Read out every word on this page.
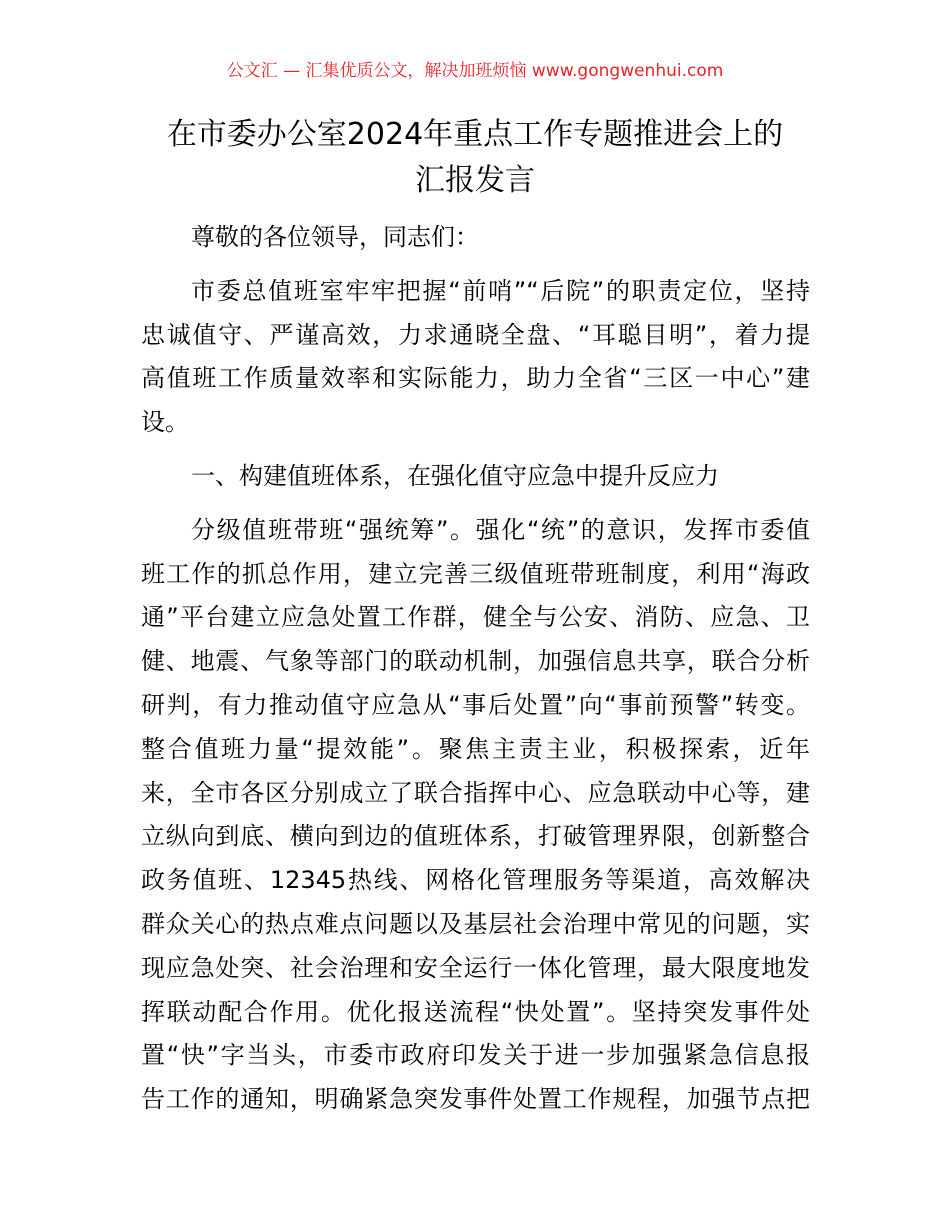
公文汇 — 汇集优质公文，解决加班烦恼 www.gongwenhui.com
在市委办公室2024年重点工作专题推进会上的
汇报发言
尊敬的各位领导，同志们：
市委总值班室牢牢把握“前哨”“后院”的职责定位，坚持
忠诚值守、严谨高效，力求通晓全盘、“耳聪目明”，着力提
高值班工作质量效率和实际能力，助力全省“三区一中心”建
设。
一、构建值班体系，在强化值守应急中提升反应力
分级值班带班“强统筹”。强化“统”的意识，发挥市委值
班工作的抓总作用，建立完善三级值班带班制度，利用“海政
通”平台建立应急处置工作群，健全与公安、消防、应急、卫
健、地震、气象等部门的联动机制，加强信息共享，联合分析
研判，有力推动值守应急从“事后处置”向“事前预警”转变。
整合值班力量“提效能”。聚焦主责主业，积极探索，近年
来，全市各区分别成立了联合指挥中心、应急联动中心等，建
立纵向到底、横向到边的值班体系，打破管理界限，创新整合
政务值班、12345热线、网格化管理服务等渠道，高效解决
群众关心的热点难点问题以及基层社会治理中常见的问题，实
现应急处突、社会治理和安全运行一体化管理，最大限度地发
挥联动配合作用。优化报送流程“快处置”。坚持突发事件处
置“快”字当头，市委市政府印发关于进一步加强紧急信息报
告工作的通知，明确紧急突发事件处置工作规程，加强节点把
